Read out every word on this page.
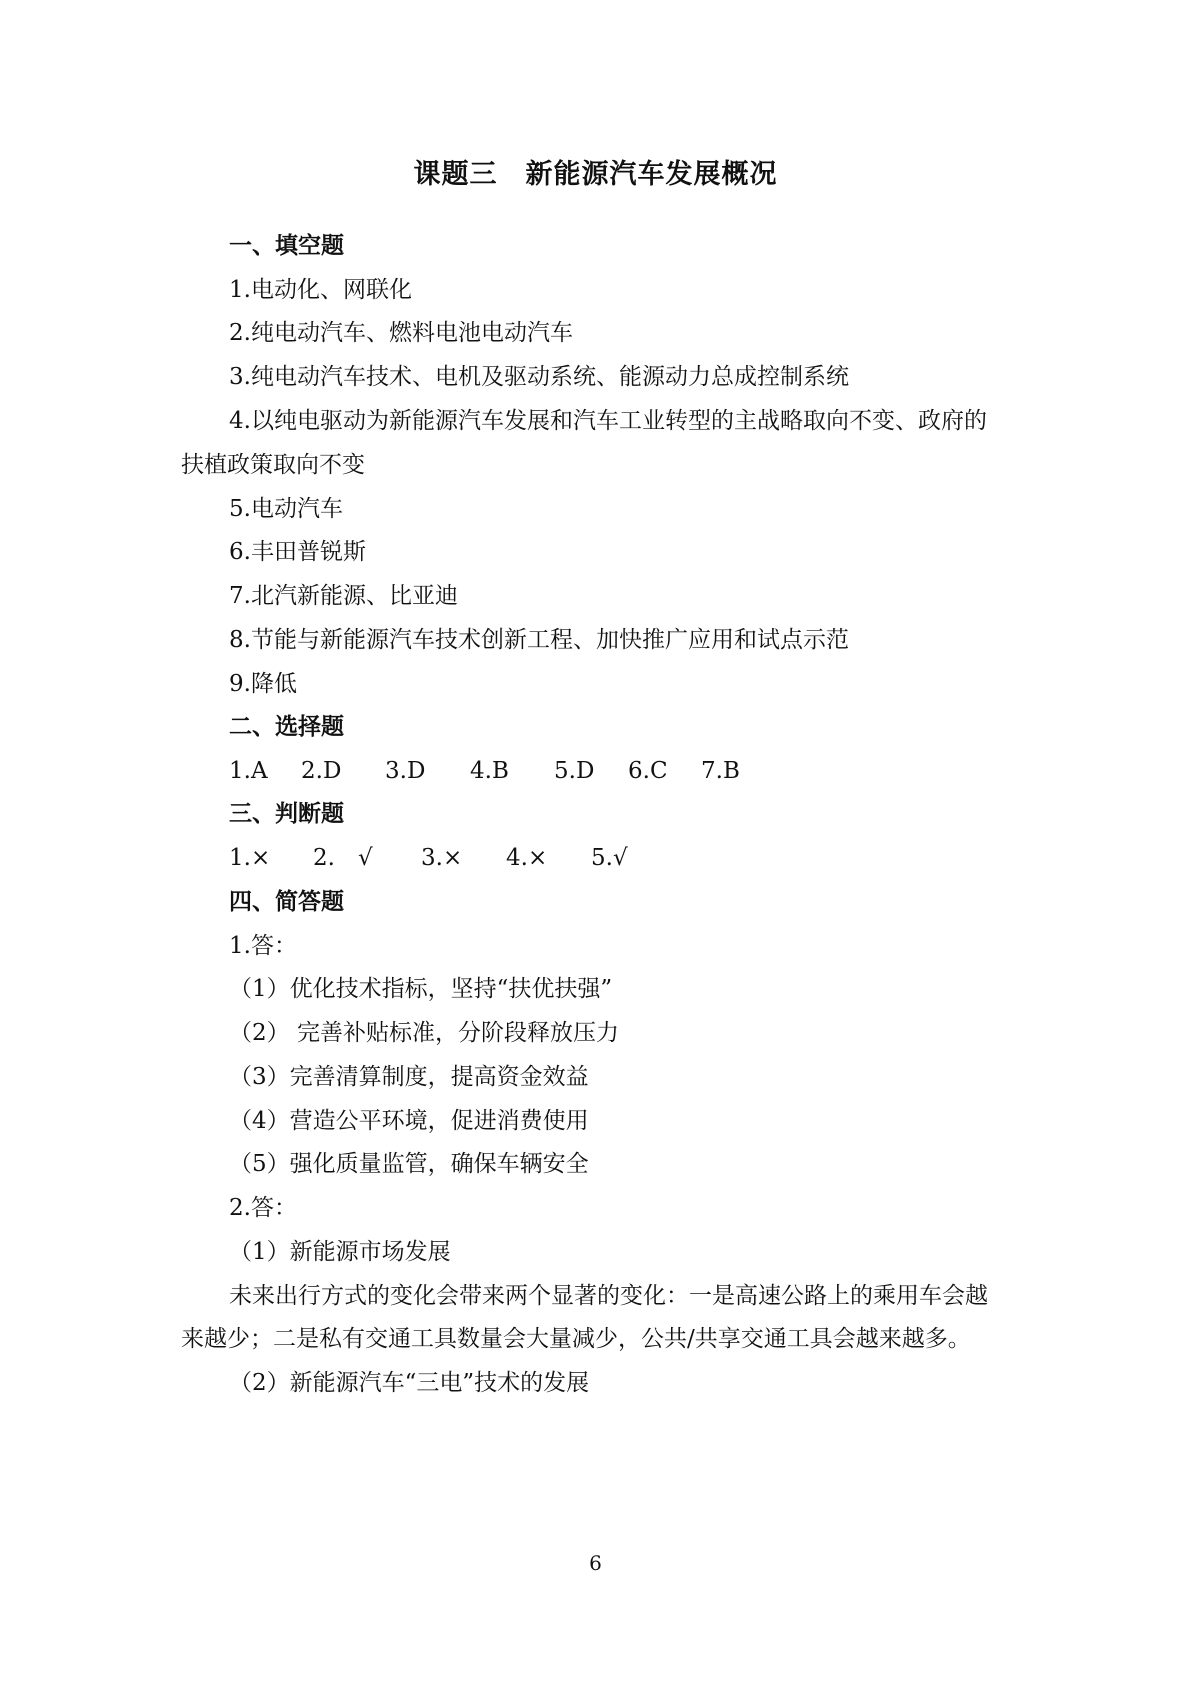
课题三　新能源汽车发展概况
一、填空题
1.电动化、网联化
2.纯电动汽车、燃料电池电动汽车
3.纯电动汽车技术、电机及驱动系统、能源动力总成控制系统
4.以纯电驱动为新能源汽车发展和汽车工业转型的主战略取向不变、政府的
扶植政策取向不变
5.电动汽车
6.丰田普锐斯
7.北汽新能源、比亚迪
8.节能与新能源汽车技术创新工程、加快推广应用和试点示范
9.降低
二、选择题

1.A

2.D

3.D

4.B

5.D

6.C

7.B

三、判断题

1.×

2.　√

3.×

4.×

5.√

四、简答题
1.答：
（1）优化技术指标，坚持“扶优扶强”
（2） 完善补贴标准，分阶段释放压力
（3）完善清算制度，提高资金效益
（4）营造公平环境，促进消费使用
（5）强化质量监管，确保车辆安全
2.答：
（1）新能源市场发展
未来出行方式的变化会带来两个显著的变化：一是高速公路上的乘用车会越
来越少；二是私有交通工具数量会大量减少，公共/共享交通工具会越来越多。
（2）新能源汽车“三电”技术的发展
6
